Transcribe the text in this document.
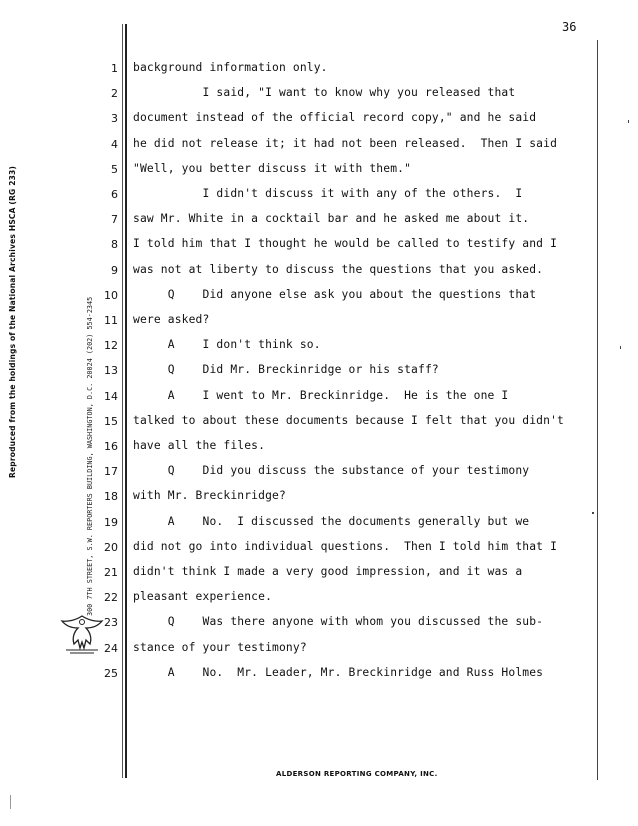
Reproduced from the holdings of the National Archives HSCA (RG 233)	300 7TH STREET, S.W. REPORTERS BUILDING, WASHINGTON, D.C. 20024 (202) 554-2345
36
1 background information only.
2 I said, "I want to know why you released that
3 document instead of the official record copy," and he said
4 he did not release it; it had not been released.  Then I said
5 "Well, you better discuss it with them."
6 I didn't discuss it with any of the others.  I
7 saw Mr. White in a cocktail bar and he asked me about it.
8 I told him that I thought he would be called to testify and I
9 was not at liberty to discuss the questions that you asked.
10 Q    Did anyone else ask you about the questions that
11 were asked?
12 A    I don't think so.
13 Q    Did Mr. Breckinridge or his staff?
14 A    I went to Mr. Breckinridge.  He is the one I
15 talked to about these documents because I felt that you didn't
16 have all the files.
17 Q    Did you discuss the substance of your testimony
18 with Mr. Breckinridge?
19 A    No.  I discussed the documents generally but we
20 did not go into individual questions.  Then I told him that I
21 didn't think I made a very good impression, and it was a
22 pleasant experience.
23 Q    Was there anyone with whom you discussed the sub-
24 stance of your testimony?
25 A    No.  Mr. Leader, Mr. Breckinridge and Russ Holmes
ALDERSON REPORTING COMPANY, INC.
